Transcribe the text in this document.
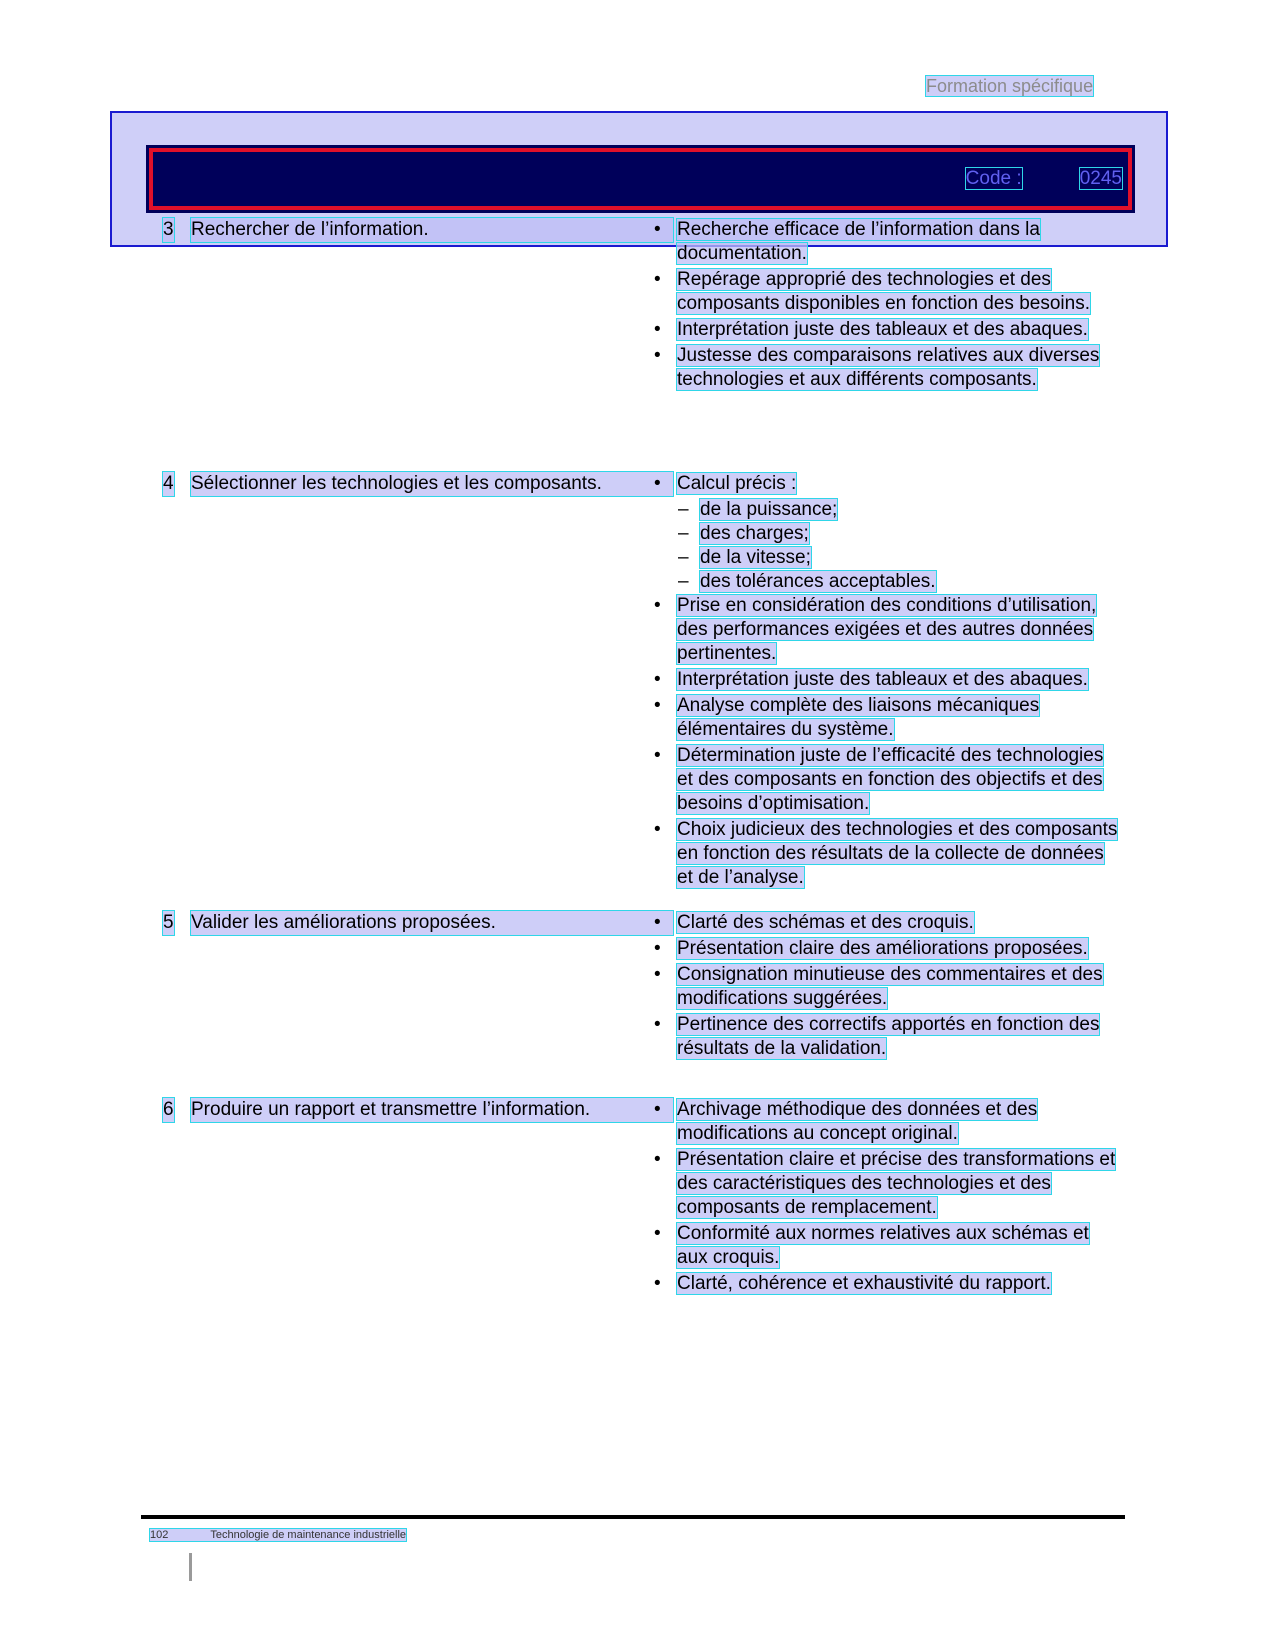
Formation spécifique
Code :	0245
3 Rechercher de l’information.	• Recherche efficace de l’information dans la documentation.
• Repérage approprié des technologies et des composants disponibles en fonction des besoins.
• Interprétation juste des tableaux et des abaques.
• Justesse des comparaisons relatives aux diverses technologies et aux différents composants.
4 Sélectionner les technologies et les composants.	• Calcul précis :
– de la puissance;
– des charges;
– de la vitesse;
– des tolérances acceptables.
• Prise en considération des conditions d’utilisation, des performances exigées et des autres données pertinentes.
• Interprétation juste des tableaux et des abaques.
• Analyse complète des liaisons mécaniques élémentaires du système.
• Détermination juste de l’efficacité des technologies et des composants en fonction des objectifs et des besoins d’optimisation.
• Choix judicieux des technologies et des composants en fonction des résultats de la collecte de données et de l’analyse.
5 Valider les améliorations proposées.	• Clarté des schémas et des croquis.
• Présentation claire des améliorations proposées.
• Consignation minutieuse des commentaires et des modifications suggérées.
• Pertinence des correctifs apportés en fonction des résultats de la validation.
6 Produire un rapport et transmettre l’information.	• Archivage méthodique des données et des modifications au concept original.
• Présentation claire et précise des transformations et des caractéristiques des technologies et des composants de remplacement.
• Conformité aux normes relatives aux schémas et aux croquis.
• Clarté, cohérence et exhaustivité du rapport.
102	Technologie de maintenance industrielle
